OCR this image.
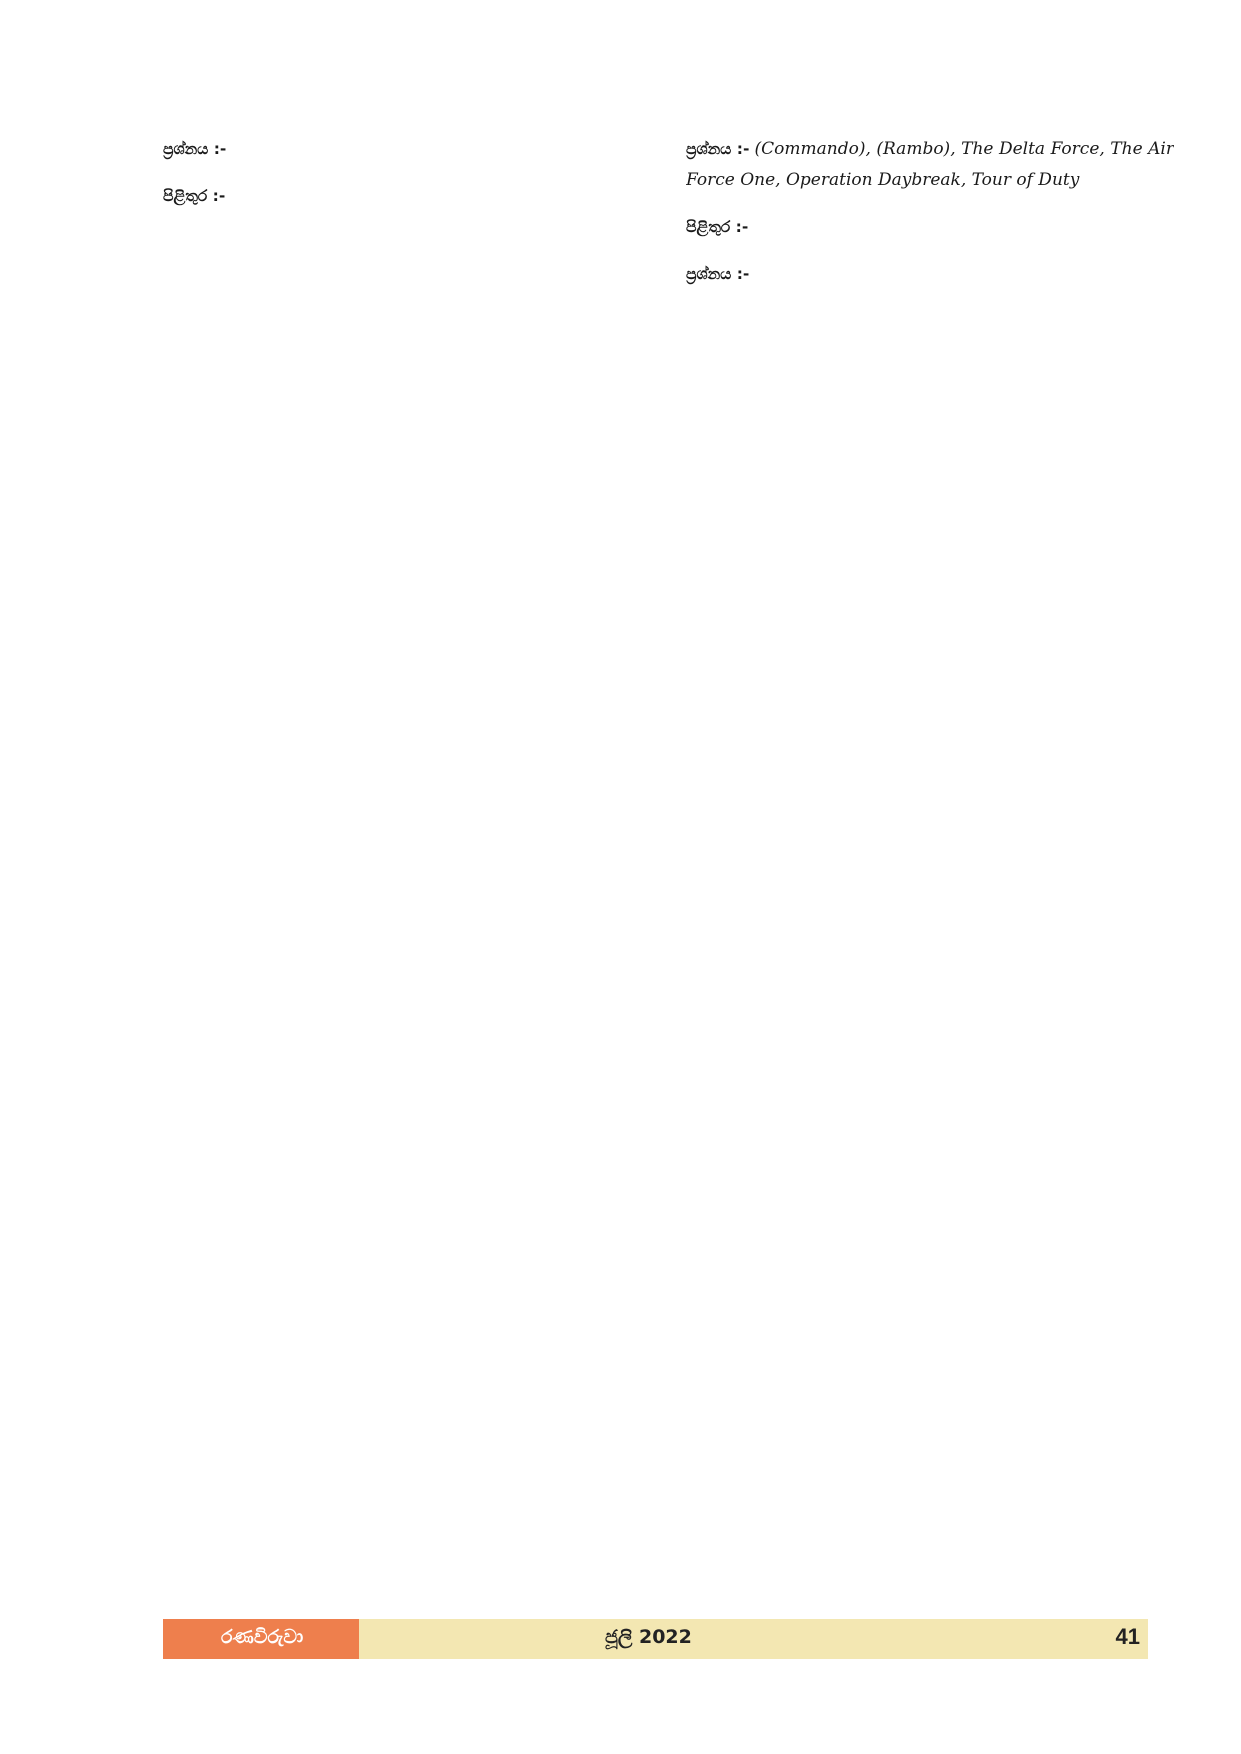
ප්‍රශ්නය :-

පිළිතුර :-

ප්‍රශ්නය :- (Commando), (Rambo), The Delta Force, The Air Force One, Operation Daybreak, Tour of Duty

පිළිතුර :-

ප්‍රශ්නය :-

රණවිරුවා	ජූලි 2022	41
